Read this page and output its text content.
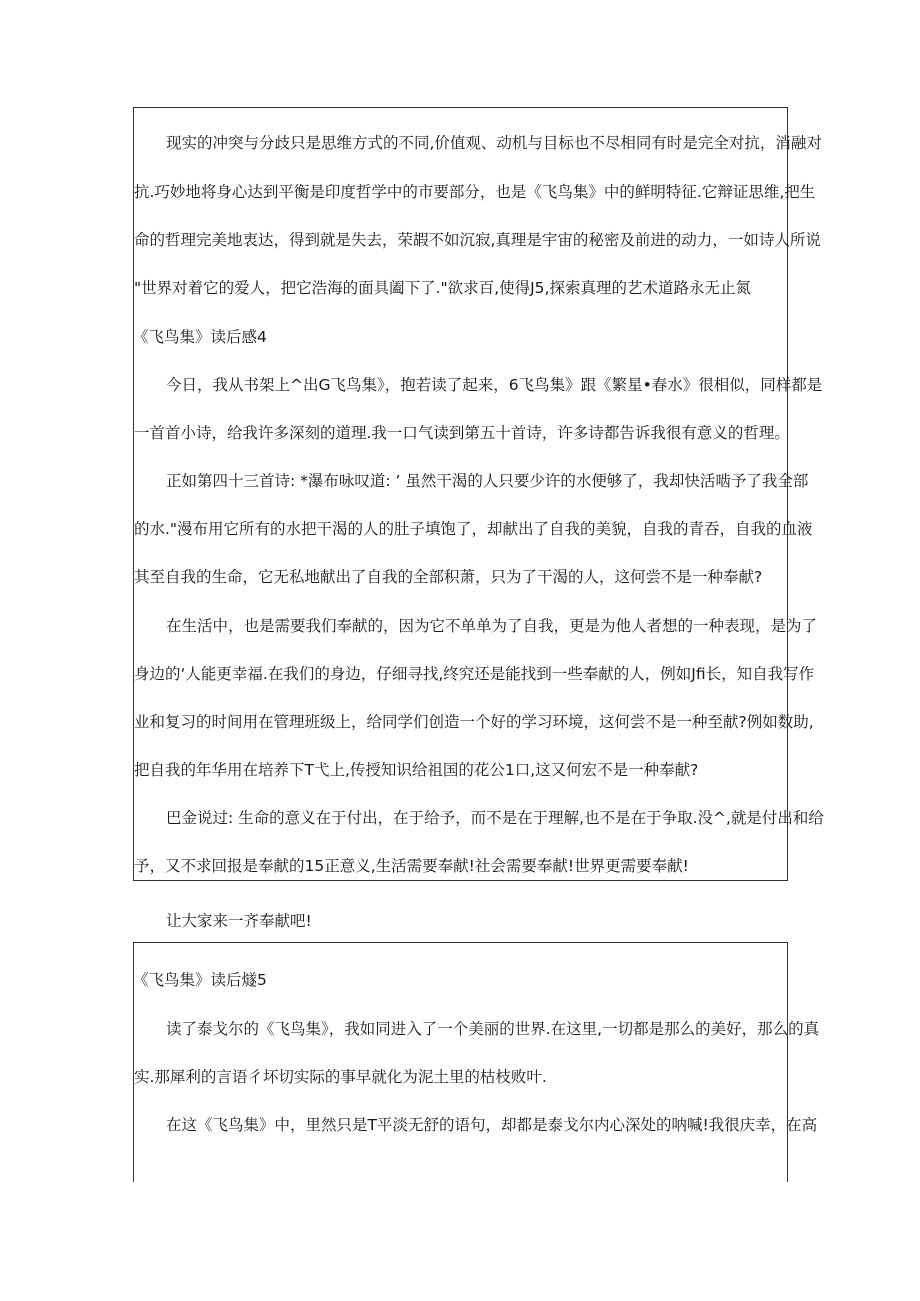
现实的冲突与分歧只是思维方式的不同,价值观、动机与目标也不尽相同有时是完全对抗，消融对
抗.巧妙地将身心达到平衡是印度哲学中的市要部分，也是《飞鸟集》中的鲜明特征.它辩证思维,把生
命的哲理完美地衷达，得到就是失去，荣嘏不如沉寂,真理是宇宙的秘密及前进的动力，一如诗人所说
"世界对着它的爱人，把它浩海的面具阖下了."欲求百,使得J5,探索真理的艺术道路永无止氮
《飞鸟集》读后感4
今日，我从书架上^出G飞鸟集》，抱若读了起来，6飞鸟集》跟《繁星•春水》很相似，同样都是
一首首小诗，给我许多深刻的道理.我一口气读到第五十首诗，许多诗都告诉我很有意义的哲理。
正如第四十三首诗: *瀑布咏叹道: ’ 虽然干渴的人只要少许的水便够了，我却快活啮予了我全部
的水."漫布用它所有的水把干渴的人的肚子填饱了，却献出了自我的美貌，自我的青吞，自我的血液
其至自我的生命，它无私地献出了自我的全部积萧，只为了干渴的人，这何尝不是一种奉献?
在生活中，也是需要我们奉献的，因为它不单单为了自我，更是为他人者想的一种表现，是为了
身边的‘人能更幸福.在我们的身边，仔细寻找,终究还是能找到一些奉献的人，例如Jfi长，知自我写作
业和复习的时间用在管理班级上，给同学们创造一个好的学习环境，这何尝不是一种至献?例如数助,
把自我的年华用在培养下T弋上,传授知识给祖国的花公1口,这又何宏不是一种奉献?
巴金说过: 生命的意义在于付出，在于给予，而不是在于理解,也不是在于争取.没^,就是付出和给
予，又不求回报是奉献的15正意义,生活需要奉献!社会需要奉献!世界更需要奉献!
让大家来一齐奉献吧!
《飞鸟集》读后燧5
读了泰戈尔的《飞鸟集》，我如同进入了一个美丽的世界.在这里,一切都是那么的美好，那么的真
实.那犀利的言语彳坏切实际的事早就化为泥土里的枯枝败叶.
在这《飞鸟集》中，里然只是T平淡无舒的语句，却都是泰戈尔内心深处的呐喊!我很庆幸，在高
